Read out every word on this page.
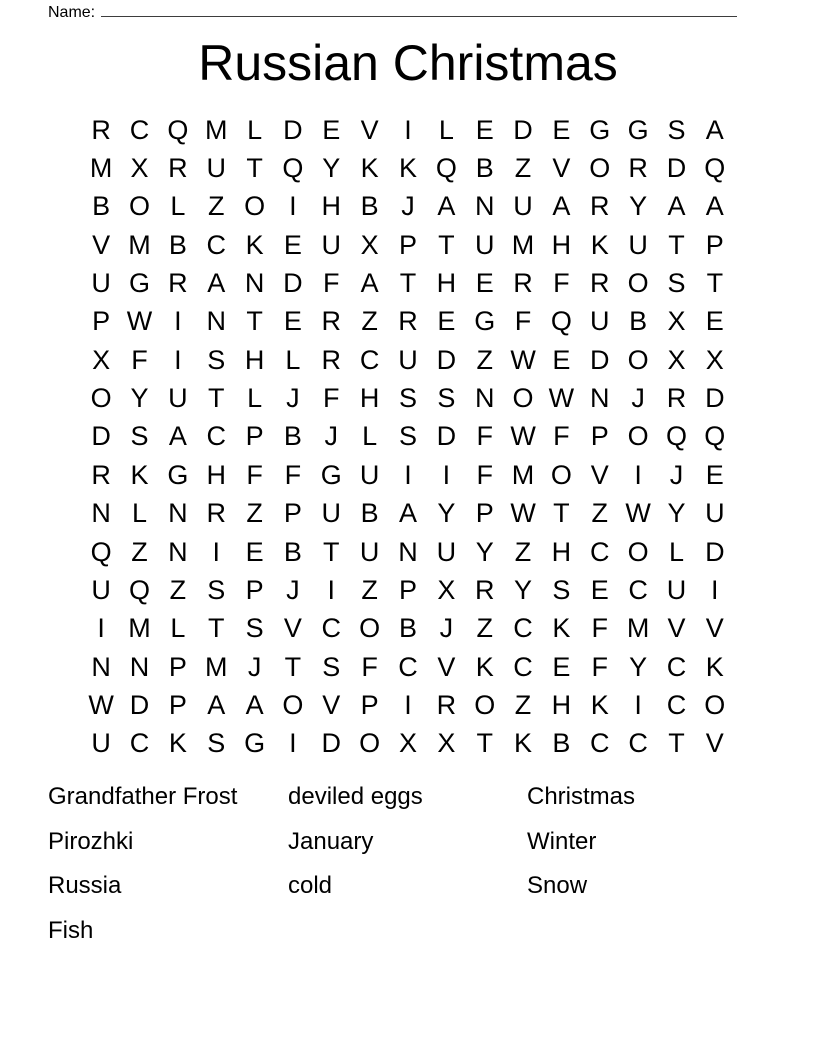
Name:
Russian Christmas
R C Q M L D E V I	L E D E G G S A
M X R U T Q Y K K Q B Z V O R D Q
B O L Z O I H B J A N U A R Y A A
V M B C K E U X P T U M H K U T P
U G R A N D F A T H E R F R O S T
P W I N T E R Z R E G F Q U B X E
X F I S H L R C U D Z W E D O X X
O Y U T L J F H S S N O W N J R D
D S A C P B J L S D F W F P O Q Q
R K G H F F G U I	I F M O V I	J E
N L N R Z P U B A Y P W T Z W Y U
Q Z N I E B T U N U Y Z H C O L D
U Q Z S P J	I Z P X R Y S E C U I
I M L T S V C O B J Z C K F M V V
N N P M J T S F C V K C E F Y C K
W D P A A O V P I R O Z H K I C O
U C K S G I D O X X T K B C C T V
Grandfather Frost
Pirozhki
Russia
Fish
deviled eggs
January
cold
Christmas
Winter
Snow
